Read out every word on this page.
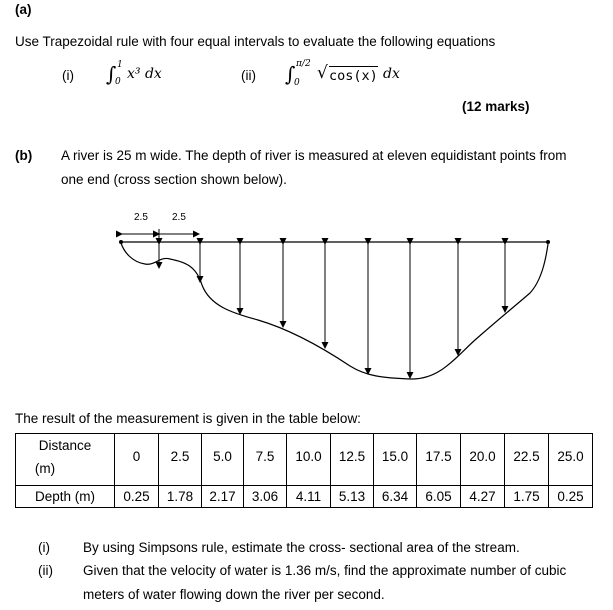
(a)
Use Trapezoidal rule with four equal intervals to evaluate the following equations
(i) ∫ 1
0 x³ dx	(ii) ∫ π/2
0 √ cos(x) dx
(12 marks)
(b) A river is 25 m wide. The depth of river is measured at eleven equidistant points from
one end (cross section shown below).
2.5 2.5
The result of the measurement is given in the table below:
Distance
(m)	0	2.5	5.0	7.5	10.0	12.5	15.0	17.5	20.0	22.5	25.0
Depth (m)	0.25	1.78	2.17	3.06	4.11	5.13	6.34	6.05	4.27	1.75	0.25
(i) By using Simpsons rule, estimate the cross- sectional area of the stream.
(ii) Given that the velocity of water is 1.36 m/s, find the approximate number of cubic
meters of water flowing down the river per second.
